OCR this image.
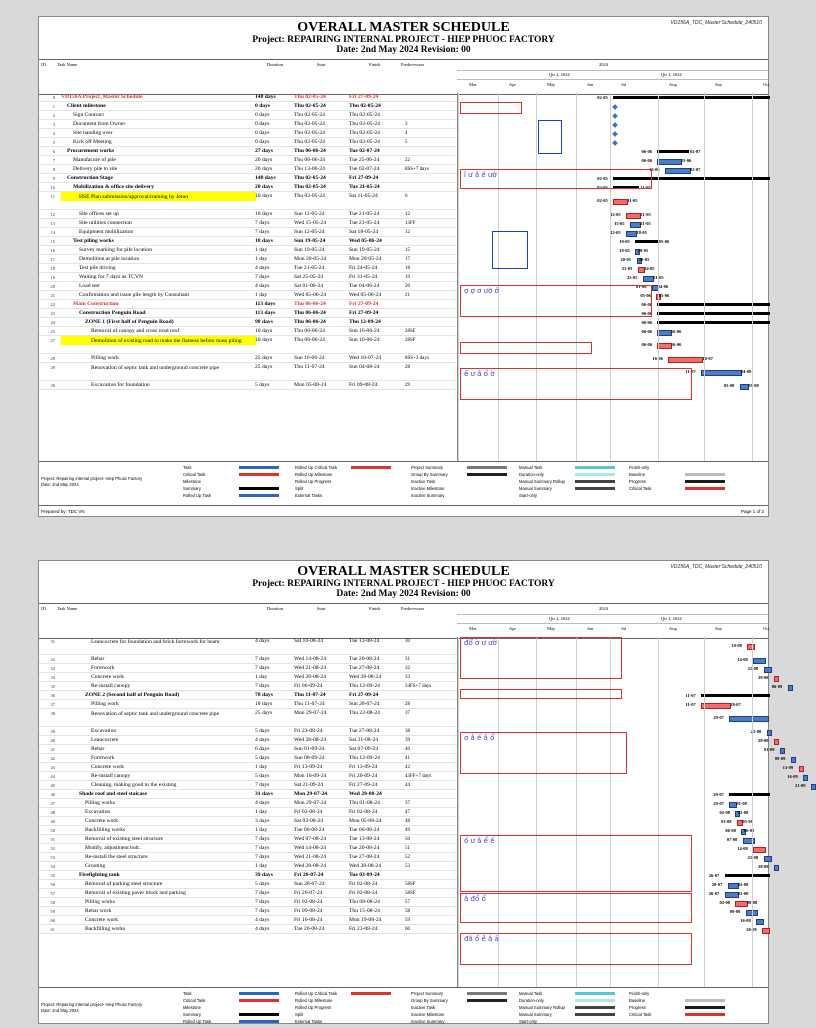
VD156A_TDC_Master Schedule_240510
OVERALL MASTER SCHEDULE
Project: REPAIRING INTERNAL PROJECT - HIEP PHUOC FACTORY
Date: 2nd May 2024 Revision: 00
ID	Task Name	Duration	Start	Finish	Predecessors	2024
Qtr 2, 2024	Qtr 3, 2024
Mar	Apr	May	Jun	Jul	Aug	Sep	Oct
0 VD156A Project_Master Schedule	148 days	Thu 02-05-24	Fri 27-09-24
1	Client milestone	0 days	Thu 02-05-24	Thu 02-05-24
2	Sign Contract	0 days	Thu 02-05-24	Thu 02-05-24
3	Document from Owner	0 days	Thu 02-05-24	Thu 02-05-24	3
4	Site handing over	0 days	Thu 02-05-24	Thu 02-05-24	4
5	Kick off Meeting	0 days	Thu 02-05-24	Thu 02-05-24	5
6	Procurement works	27 days	Thu 06-06-24	Tue 02-07-24
7	Manufacure of pile	20 days	Thu 06-06-24	Tue 25-06-24	22
8	Delivery pile to site	20 days	Thu 13-06-24	Tue 02-07-24	8SS+7 days
9	Construction Stage	148 days	Thu 02-05-24	Fri 27-09-24
10	Mobilization & office site delivery	20 days	Thu 02-05-24	Tue 21-05-24
11	HSE Plan submission/approval/training by Jotun	10 days	Thu 02-05-24	Sat 11-05-24	6
12	Site offices set up	10 days	Sun 12-05-24	Tue 21-05-24	12
13	Site utilities connection	7 days	Wed 15-05-24	Tue 21-05-24	13FF
14	Equipment mobilization	7 days	Sun 12-05-24	Sat 18-05-24	12
15	Test piling works	18 days	Sun 19-05-24	Wed 05-06-24
16	Survey marking for pile location	1 day	Sun 19-05-24	Sun 19-05-24	15
17	Demolition at pile location	1 day	Mon 20-05-24	Mon 20-05-24	17
18	Test pile driving	4 days	Tue 21-05-24	Fri 24-05-24	18
19	Waiting for 7 days as TCVN	7 days	Sat 25-05-24	Fri 31-05-24	19
20	Load test	4 days	Sat 01-06-24	Tue 04-06-24	20
21	Confirmation and issue pile length by Consultant	1 day	Wed 05-06-24	Wed 05-06-24	21
22	Main Construction	113 days	Thu 06-06-24	Fri 27-09-24
23	Construction Penguin Road	113 days	Thu 06-06-24	Fri 27-09-24
24	ZONE 1 (First half of Penguin Road)	98 days	Thu 06-06-24	Thu 12-09-24
25	Removal of canopy and cross road roof	10 days	Thu 06-06-24	Sun 16-06-24	28SF
27	Demolition of existing road to make the flatness before mass piling	10 days	Thu 06-06-24	Sun 16-06-24	28SF
28	Pilling work	25 days	Sun 16-06-24	Wed 10-07-24	8SS+3 days
29	Renovation of septic tank and underground concrete pipe	25 days	Thu 11-07-24	Sun 04-08-24	28
30	Excavation for foundation	5 days	Mon 05-08-24	Fri 09-08-24	29
02-05
06-06	02-07
06-06	25-06
13-06	02-07
02-05
02-05	21-05
02-05	11-05
12-05	21-05
15-05	21-05
12-05	18-05
19-05	05-06
19-05 19-05
20-05 20-05
21-05	24-05
25-05	31-05
01-06 04-06
05-06 05-06
06-06
06-06
06-06
06-06	16-06
06-06	16-06
16-06	10-07
11-07	04-08
05-08	09-08
ǐ ư ầ ế ườ
ợ ợ ơ ườ ở
ế ư ầ ổ ờ
Project: Repairing internal project- Hiep Phuoc Factory
Date: 2nd May 2024
Task
Critical Task
Milestone
Summary
Rolled Up Task
Rolled Up Critical Task
Rolled Up Milestone
Rolled Up Progress
Split
External Tasks
Project Summary
Group By Summary
Inactive Task
Inactive Milestone
Inactive Summary
Manual Task
Duration-only
Manual Summary Rollup
Manual Summary
Start-only
Finish-only
Baseline
Progress
Critical Task
Prepared by: TDC VN	Page 1 of 2
VD156A_TDC_Master Schedule_240510
OVERALL MASTER SCHEDULE
Project: REPAIRING INTERNAL PROJECT - HIEP PHUOC FACTORY
Date: 2nd May 2024 Revision: 00
ID	Task Name	Duration	Start	Finish	Predecessors	2024
Qtr 2, 2024	Qtr 3, 2024
Mar	Apr	May	Jun	Jul	Aug	Sep	Oct
31	Leancocrete for foundation and brick formwork for beam	4 days	Sat 10-08-24	Tue 13-08-24	30
32	Rebar	7 days	Wed 14-08-24	Tue 20-08-24	31
33	Formwork	7 days	Wed 21-08-24	Tue 27-08-24	32
34	Concrete work	1 day	Wed 28-08-24	Wed 28-08-24	33
35	Re-install canopy	7 days	Fri 06-09-24	Thu 12-09-24	34FS+7 days
36	ZONE 2 (Second half of Penguin Road)	78 days	Thu 11-07-24	Fri 27-09-24
37	Pilling work	18 days	Thu 11-07-24	Sun 28-07-24	28
38	Renovation of septic tank and underground concrete pipe	25 days	Mon 29-07-24	Thu 22-08-24	37
39	Excavation	5 days	Fri 23-08-24	Tue 27-08-24	38
40	Leancocrete	4 days	Wed 28-08-24	Sat 31-08-24	39
41	Rebar	6 days	Sun 01-09-24	Sat 07-09-24	40
42	Formwork	5 days	Sun 08-09-24	Thu 12-09-24	41
43	Concrete work	1 day	Fri 13-09-24	Fri 13-09-24	42
44	Re-install canopy	5 days	Mon 16-09-24	Fri 20-09-24	43FF+7 days
45	Cleaning, making good to the existing	7 days	Sat 21-09-24	Fri 27-09-24	44
46	Shade roof and steel staicase	31 days	Mon 29-07-24	Wed 28-08-24
47	Pilling works	4 days	Mon 29-07-24	Thu 01-08-24	37
48	Excavation	1 day	Fri 02-08-24	Fri 02-08-24	47
49	Concrete work	3 days	Sat 03-08-24	Mon 05-08-24	48
50	Backfilling works	1 day	Tue 06-08-24	Tue 06-08-24	49
51	Removal of existing steel structure	7 days	Wed 07-08-24	Tue 13-08-24	50
52	Modify, adjustment bolt..	7 days	Wed 14-08-24	Tue 20-08-24	51
53	Re-install the steel structure	7 days	Wed 21-08-24	Tue 27-08-24	52
54	Grouting	1 day	Wed 28-08-24	Wed 28-08-24	53
55	Firefighting tank	39 days	Fri 26-07-24	Tue 03-09-24
56	Removal of parking steel structure	5 days	Sun 28-07-24	Fri 02-08-24	58SF
57	Removal of existing paver block and parking	7 days	Fri 26-07-24	Fri 02-08-24	58SF
58	Pilling works	7 days	Fri 02-08-24	Thu 08-08-24	57
59	Rebar work	7 days	Fri 09-08-24	Thu 15-08-24	58
60	Concrete work	4 days	Fri 16-08-24	Mon 19-08-24	59
61	Backfilling works	4 days	Tue 20-08-24	Fri 23-08-24	60
10-08
14-08
21-08
28-08
06-09
11-07
11-07	28-07
29-07
23-08
28-08
01-09
08-09
13-09
16-09
21-09
29-07
29-07	01-08
02-08 02-08
03-08 05-08
06-08 06-08
07-08
14-08
21-08
28-08
26-07
28-07	02-08
26-07	02-08
02-08	08-08
09-08
16-08
20-08
đổ ờ ư ườ
ơ ắ ế ầ ổ
ố ư ầ ể ế
ắ đổ ổ
đắ ổ ề ắ ấ
Project: Repairing internal project- Hiep Phuoc Factory
Date: 2nd May 2024
Task
Critical Task
Milestone
Summary
Rolled Up Task
Rolled Up Critical Task
Rolled Up Milestone
Rolled Up Progress
Split
External Tasks
Project Summary
Group By Summary
Inactive Task
Inactive Milestone
Inactive Summary
Manual Task
Duration-only
Manual Summary Rollup
Manual Summary
Start-only
Finish-only
Baseline
Progress
Critical Task
